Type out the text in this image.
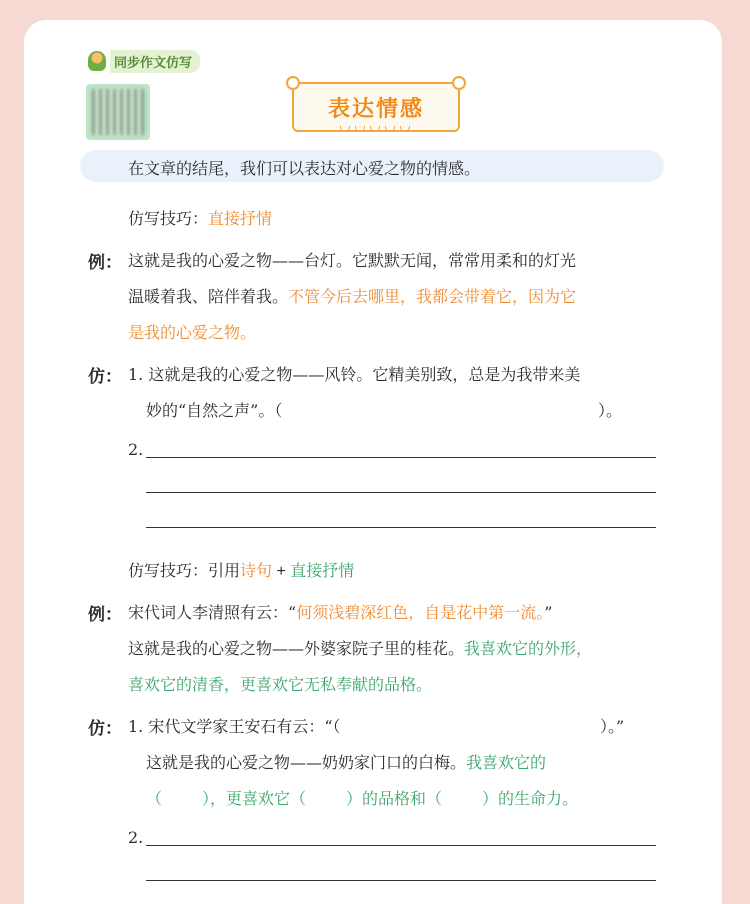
同步作文仿写
表达情感
在文章的结尾，我们可以表达对心爱之物的情感。
仿写技巧：直接抒情
例： 这就是我的心爱之物——台灯。它默默无闻，常常用柔和的灯光
温暖着我、陪伴着我。不管今后去哪里，我都会带着它，因为它
是我的心爱之物。
仿： 1. 这就是我的心爱之物——风铃。它精美别致，总是为我带来美
妙的“自然之声”。（	）。
2.
仿写技巧：引用诗句 + 直接抒情
例： 宋代词人李清照有云：“何须浅碧深红色，自是花中第一流。”
这就是我的心爱之物——外婆家院子里的桂花。我喜欢它的外形，
喜欢它的清香，更喜欢它无私奉献的品格。
仿： 1. 宋代文学家王安石有云：“（	）。”
这就是我的心爱之物——奶奶家门口的白梅。我喜欢它的
（	），更喜欢它（	）的品格和（	）的生命力。
2.
